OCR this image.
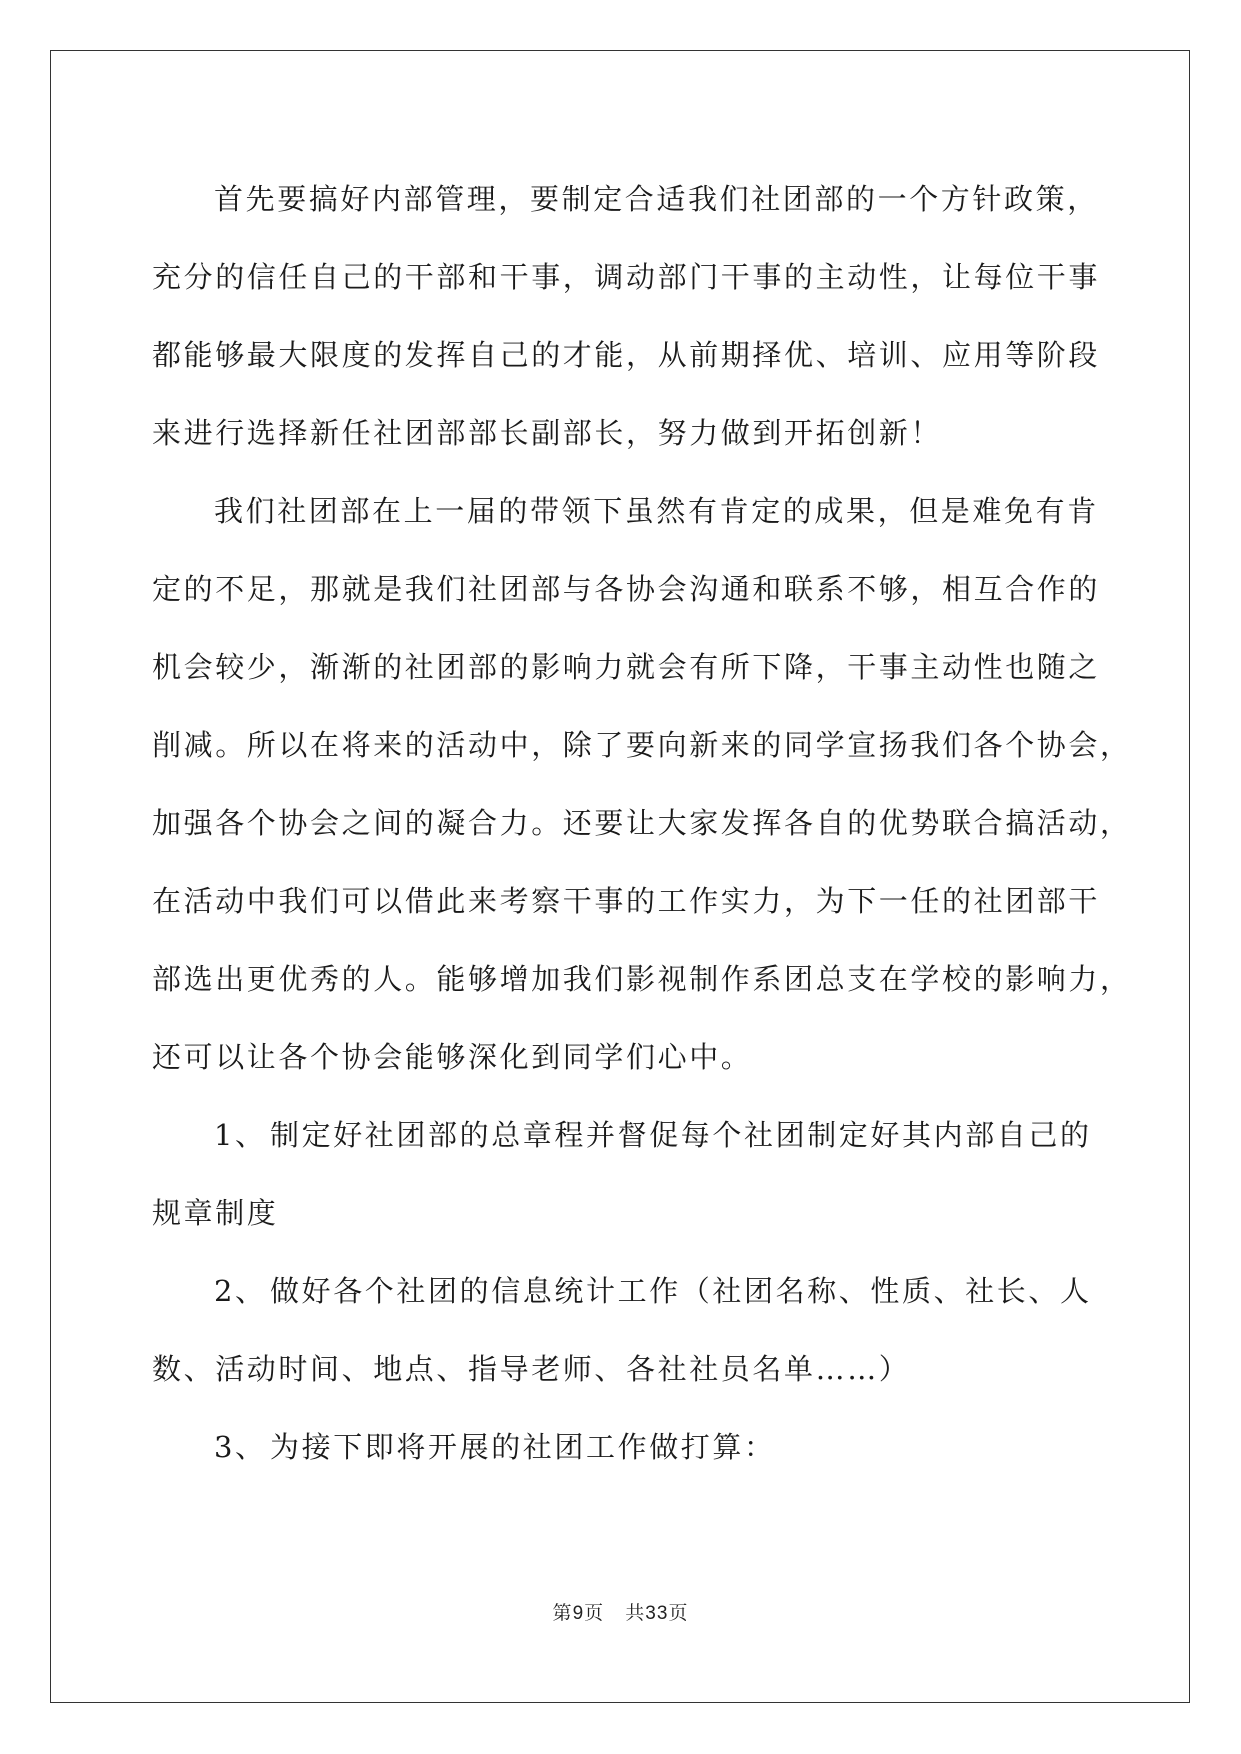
首先要搞好内部管理，要制定合适我们社团部的一个方针政策，
充分的信任自己的干部和干事，调动部门干事的主动性，让每位干事
都能够最大限度的发挥自己的才能，从前期择优、培训、应用等阶段
来进行选择新任社团部部长副部长，努力做到开拓创新！
我们社团部在上一届的带领下虽然有肯定的成果，但是难免有肯
定的不足，那就是我们社团部与各协会沟通和联系不够，相互合作的
机会较少，渐渐的社团部的影响力就会有所下降，干事主动性也随之
削减。所以在将来的活动中，除了要向新来的同学宣扬我们各个协会，
加强各个协会之间的凝合力。还要让大家发挥各自的优势联合搞活动，
在活动中我们可以借此来考察干事的工作实力，为下一任的社团部干
部选出更优秀的人。能够增加我们影视制作系团总支在学校的影响力，
还可以让各个协会能够深化到同学们心中。
1、 制定好社团部的总章程并督促每个社团制定好其内部自己的
规章制度
2、 做好各个社团的信息统计工作（社团名称、性质、社长、人
数、活动时间、地点、指导老师、各社社员名单……）
3、 为接下即将开展的社团工作做打算：
第9页 共33页
